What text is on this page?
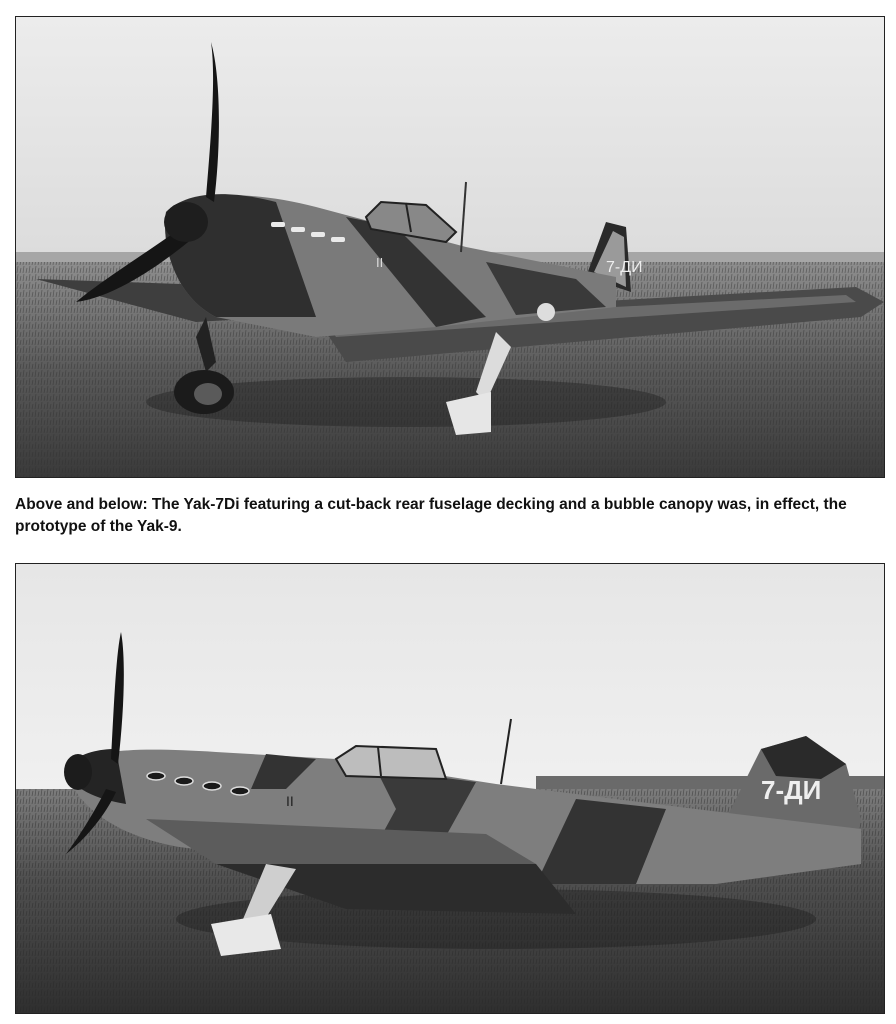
7-ДИ
II
Above and below: The Yak-7Di featuring a cut-back rear fuselage decking and a bubble canopy was, in effect, the prototype of the Yak-9.
7-ДИ
II
